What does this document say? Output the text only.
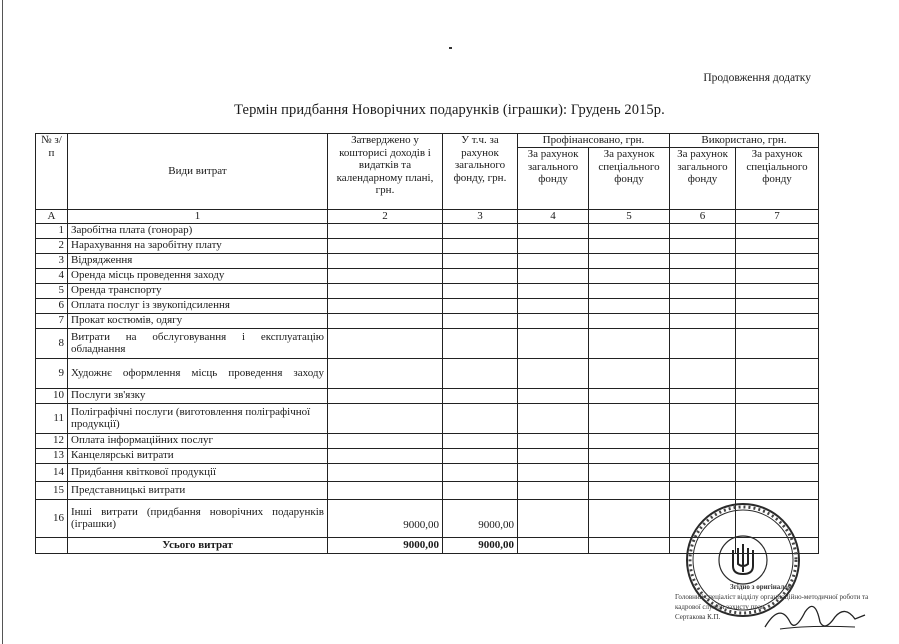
Продовження додатку
Термін придбання Новорічних подарунків (іграшки): Грудень 2015р.
№ з/п	Види витрат	Затверджено у кошторисі доходів і видатків та календарному плані, грн.	У т.ч. за рахунок загального фонду, грн.	Профінансовано, грн.		Використано, грн.	
				За рахунок загального фонду	За рахунок спеціального фонду	За рахунок загального фонду	За рахунок спеціального фонду
А	1	2	3	4	5	6	7
1	Заробітна плата (гонорар)						
2	Нарахування на заробітну плату						
3	Відрядження						
4	Оренда місць проведення заходу						
5	Оренда транспорту						
6	Оплата послуг із звукопідсилення						
7	Прокат костюмів, одягу						
8	Витрати на обслуговування і експлуатацію обладнання						
9	Художнє оформлення місць проведення заходу						
10	Послуги зв'язку						
11	Поліграфічні послуги (виготовлення поліграфічної продукції)						
12	Оплата інформаційних послуг						
13	Канцелярські витрати						
14	Придбання квіткової продукції						
15	Представницькі витрати						
16	Інші витрати (придбання новорічних подарунків (іграшки)	9000,00	9000,00				
	Усього витрат	9000,00	9000,00				
Згідно з оригіналом
Головний спеціаліст відділу організаційно-методичної роботи та кадрової служби захисту прав
Сертакова К.П.
